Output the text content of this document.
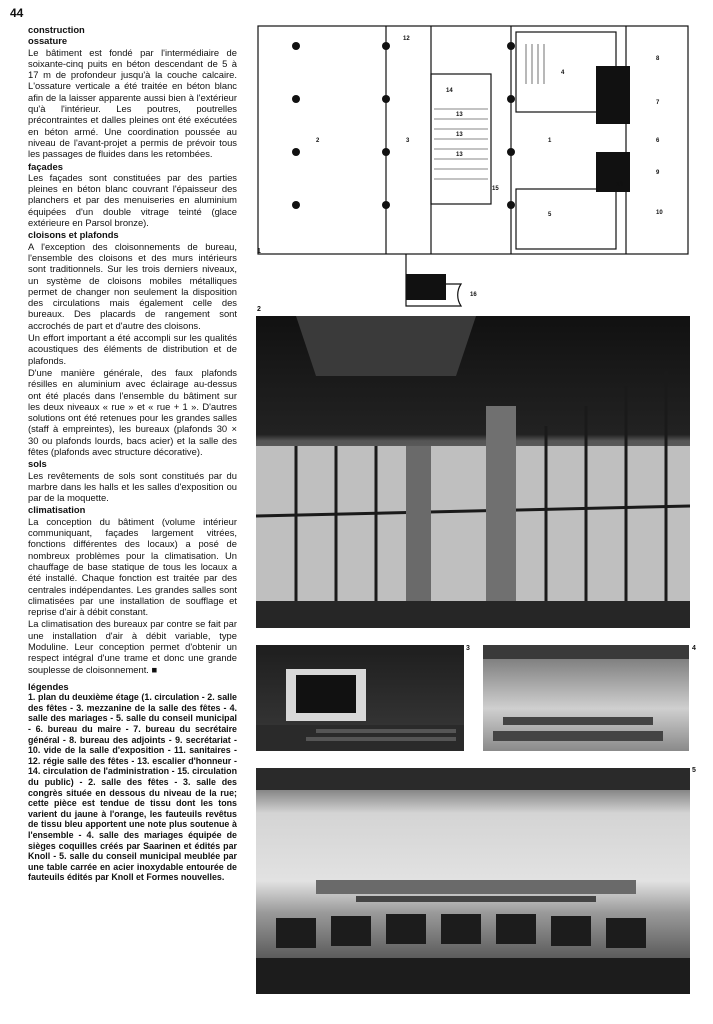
44
construction
ossature

Le bâtiment est fondé par l'intermédiaire de soixante-cinq puits en béton descendant de 5 à 17 m de profondeur jusqu'à la couche calcaire. L'ossature verticale a été traitée en béton blanc afin de la laisser apparente aussi bien à l'extérieur qu'à l'intérieur. Les poutres, poutrelles précontraintes et dalles pleines ont été exécutées en béton armé. Une coordination poussée au niveau de l'avant-projet a permis de prévoir tous les passages de fluides dans les retombées.

façades

Les façades sont constituées par des parties pleines en béton blanc couvrant l'épaisseur des planchers et par des menuiseries en aluminium équipées d'un double vitrage teinté (glace extérieure en Parsol bronze).

cloisons et plafonds

A l'exception des cloisonnements de bureau, l'ensemble des cloisons et des murs intérieurs sont traditionnels. Sur les trois derniers niveaux, un système de cloisons mobiles métalliques permet de changer non seulement la disposition des circulations mais également celle des bureaux. Des placards de rangement sont accrochés de part et d'autre des cloisons.

Un effort important a été accompli sur les qualités acoustiques des éléments de distribution et de plafonds.

D'une manière générale, des faux plafonds résilles en aluminium avec éclairage au-dessus ont été placés dans l'ensemble du bâtiment sur les deux niveaux « rue » et « rue + 1 ». D'autres solutions ont été retenues pour les grandes salles (staff à empreintes), les bureaux (plafonds 30 × 30 ou plafonds lourds, bacs acier) et la salle des fêtes (plafonds avec structure décorative).

sols

Les revêtements de sols sont constitués par du marbre dans les halls et les salles d'exposition ou par de la moquette.

climatisation

La conception du bâtiment (volume intérieur communiquant, façades largement vitrées, fonctions différentes des locaux) a posé de nombreux problèmes pour la climatisation. Un chauffage de base statique de tous les locaux a été installé. Chaque fonction est traitée par des centrales indépendantes. Les grandes salles sont climatisées par une installation de soufflage et reprise d'air à débit constant.

La climatisation des bureaux par contre se fait par une installation d'air à débit variable, type Moduline. Leur conception permet d'obtenir un respect intégral d'une trame et donc une grande souplesse de cloisonnement. ■

légendes

1. plan du deuxième étage (1. circulation - 2. salle des fêtes - 3. mezzanine de la salle des fêtes - 4. salle des mariages - 5. salle du conseil municipal - 6. bureau du maire - 7. bureau du secrétaire général - 8. bureau des adjoints - 9. secrétariat - 10. vide de la salle d'exposition - 11. sanitaires - 12. régie salle des fêtes - 13. escalier d'honneur - 14. circulation de l'administration - 15. circulation du public) - 2. salle des fêtes - 3. salle des congrès située en dessous du niveau de la rue; cette pièce est tendue de tissu dont les tons varient du jaune à l'orange, les fauteuils revêtus de tissu bleu apportent une note plus soutenue à l'ensemble - 4. salle des mariages équipée de sièges coquilles créés par Saarinen et édités par Knoll - 5. salle du conseil municipal meublée par une table carrée en acier inoxydable entourée de fauteuils édités par Knoll et Formes nouvelles.

12
14
13
13
13
15
4
1
13
5
2	3
16
8
7
6
9
10
1
2
3	4
5
